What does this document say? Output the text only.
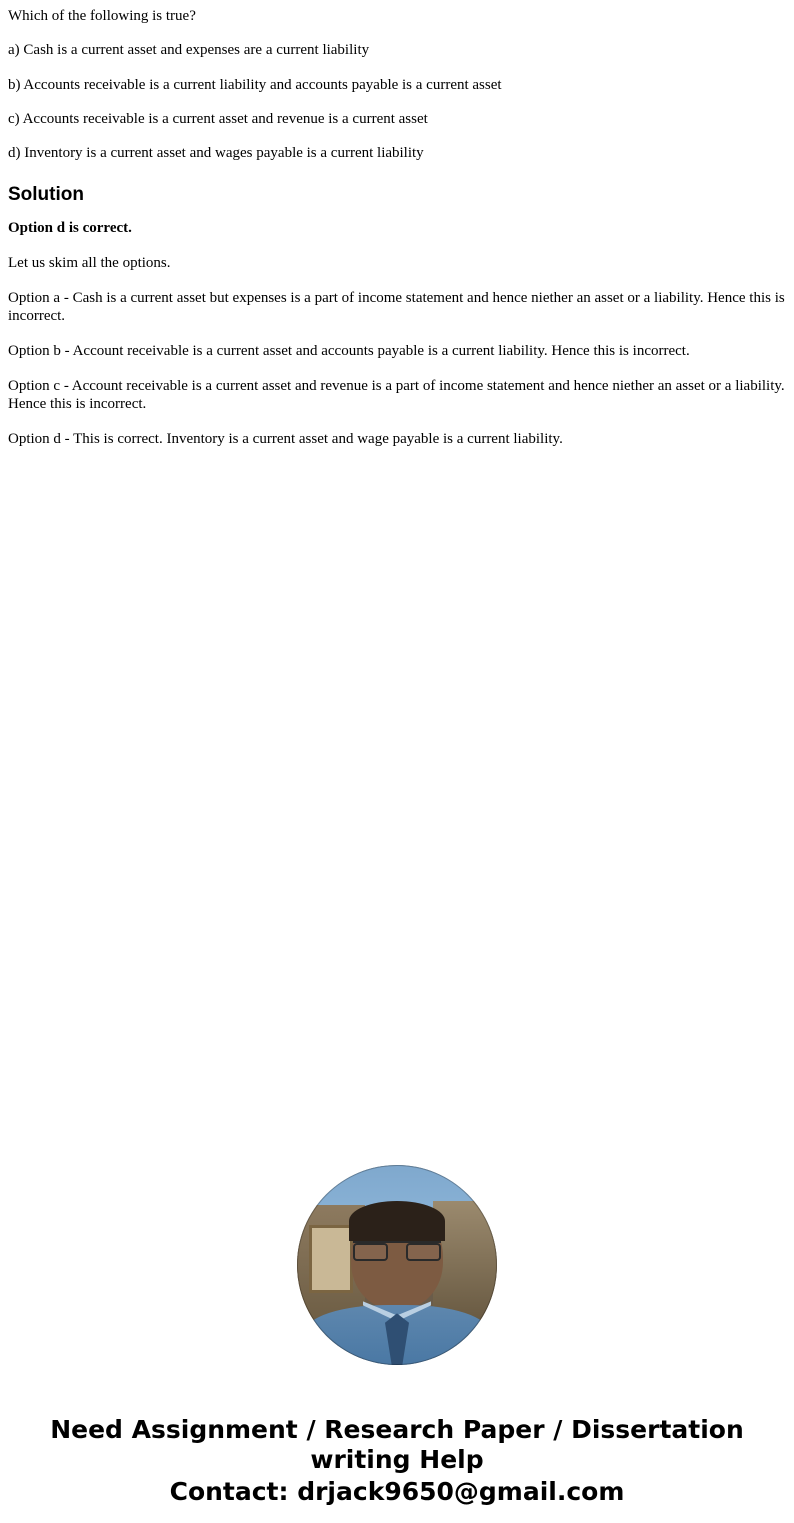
Which of the following is true?

a) Cash is a current asset and expenses are a current liability

b) Accounts receivable is a current liability and accounts payable is a current asset

c) Accounts receivable is a current asset and revenue is a current asset

d) Inventory is a current asset and wages payable is a current liability

Solution

Option d is correct.

Let us skim all the options.

Option a - Cash is a current asset but expenses is a part of income statement and hence niether an asset or a liability. Hence this is incorrect.

Option b - Account receivable is a current asset and accounts payable is a current liability. Hence this is incorrect.

Option c - Account receivable is a current asset and revenue is a part of income statement and hence niether an asset or a liability. Hence this is incorrect.

Option d - This is correct. Inventory is a current asset and wage payable is a current liability.

Need Assignment / Research Paper / Dissertation writing Help
Contact: drjack9650@gmail.com
